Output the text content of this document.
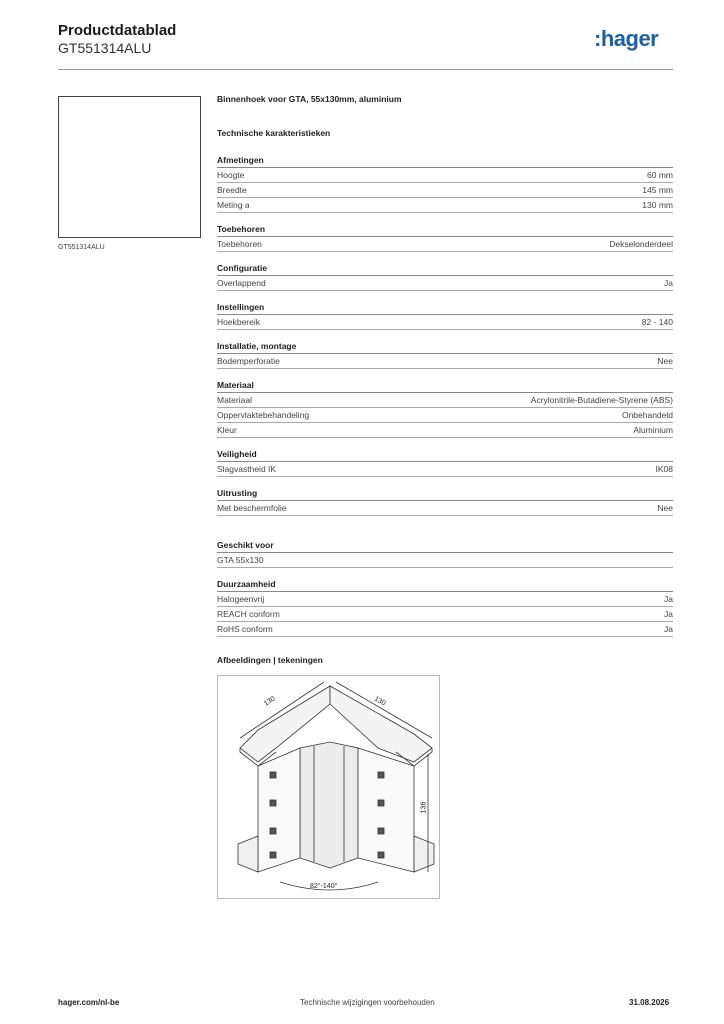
Productdatablad
GT551314ALU	:hager
GT551314ALU
Binnenhoek voor GTA, 55x130mm, aluminium
Technische karakteristieken
Afmetingen
Hoogte	60 mm
Breedte	145 mm
Meting a	130 mm
Toebehoren
Toebehoren	Dekselonderdeel
Configuratie
Overlappend	Ja
Instellingen
Hoekbereik	82 - 140
Installatie, montage
Bodemperforatie	Nee
Materiaal
Materiaal	Acrylonitrile-Butadiene-Styrene (ABS)
Oppervlaktebehandeling	Onbehandeld
Kleur	Aluminium
Veiligheid
Slagvastheid IK	IK08
Uitrusting
Met beschermfolie	Nee
Geschikt voor
GTA 55x130
Duurzaamheid
Halogeenvrij	Ja
REACH conform	Ja
RoHS conform	Ja
Afbeeldingen | tekeningen
130	130
136
82°-140°
hager.com/nl-be	Technische wijzigingen voorbehouden	31.08.2026
